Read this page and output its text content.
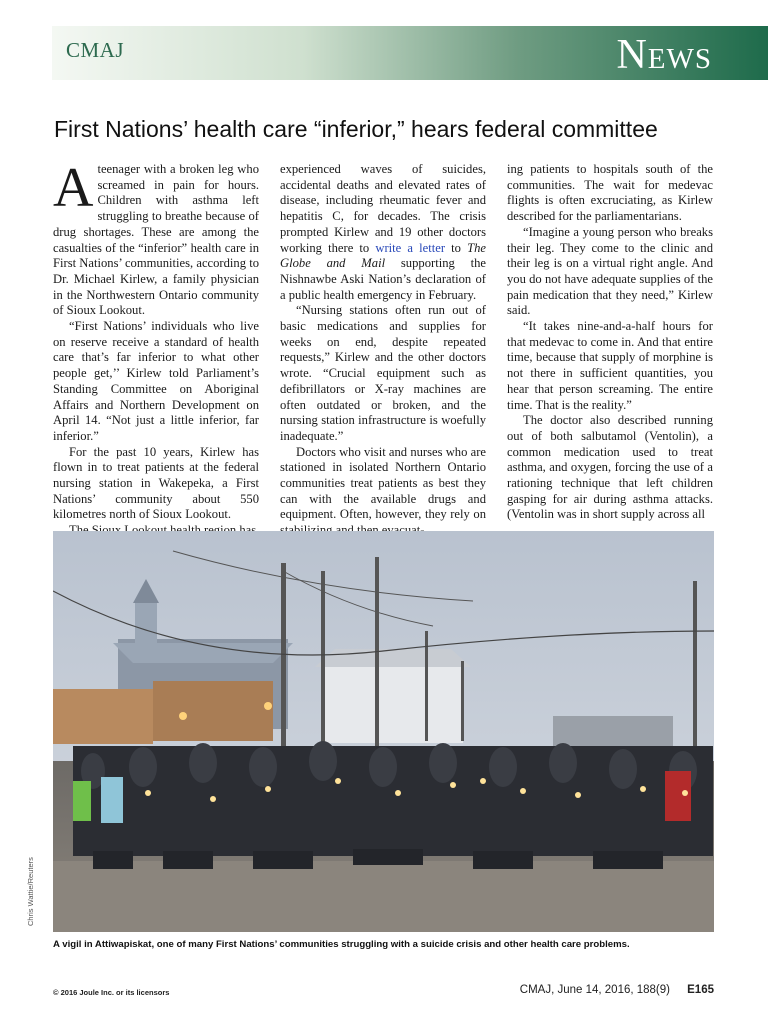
CMAJ	News
First Nations’ health care “inferior,” hears federal committee

Ateenager with a broken leg who screamed in pain for hours. Children with asthma left struggling to breathe because of drug shortages. These are among the casualties of the “inferior” health care in First Nations’ communities, according to Dr. Michael Kirlew, a family physician in the Northwestern Ontario community of Sioux Lookout.

“First Nations’ individuals who live on reserve receive a standard of health care that’s far inferior to what other people get,’’ Kirlew told Parliament’s Standing Committee on Aboriginal Affairs and Northern Development on April 14. “Not just a little inferior, far inferior.”

For the past 10 years, Kirlew has flown in to treat patients at the federal nursing station in Wakepeka, a First Nations’ community about 550 kilometres north of Sioux Lookout.

experienced waves of suicides, accidental deaths and elevated rates of disease, including rheumatic fever and hepatitis C, for decades. The crisis prompted Kirlew and 19 other doctors working there to write a letter to The Globe and Mail supporting the Nishnawbe Aski Nation’s declaration of a public health emergency in February.

“Nursing stations often run out of basic medications and supplies for weeks on end, despite repeated requests,” Kirlew and the other doctors wrote. “Crucial equipment such as defibrillators or X-ray machines are often outdated or broken, and the nursing station infrastructure is woefully inadequate.”

Doctors who visit and nurses who are stationed in isolated Northern Ontario communities treat patients as best they can with the available drugs and equipment. Often, however, they rely on

ing patients to hospitals south of the communities. The wait for medevac flights is often excruciating, as Kirlew described for the parliamentarians.

“Imagine a young person who breaks their leg. They come to the clinic and their leg is on a virtual right angle. And you do not have adequate supplies of the pain medication that they need,” Kirlew said.

“It takes nine-and-a-half hours for that medevac to come in. And that entire time, because that supply of morphine is not there in sufficient quantities, you hear that person screaming. The entire time. That is the reality.”

The doctor also described running out of both salbutamol (Ventolin), a common medication used to treat asthma, and oxygen, forcing the use of a rationing technique that left children gasping for air during asthma attacks. (Ventolin was in short supply across all

Chris Wattie/Reuters
A vigil in Attiwapiskat, one of many First Nations’ communities struggling with a suicide crisis and other health care problems.
© 2016 Joule Inc. or its licensors	CMAJ, June 14, 2016, 188(9) E165
